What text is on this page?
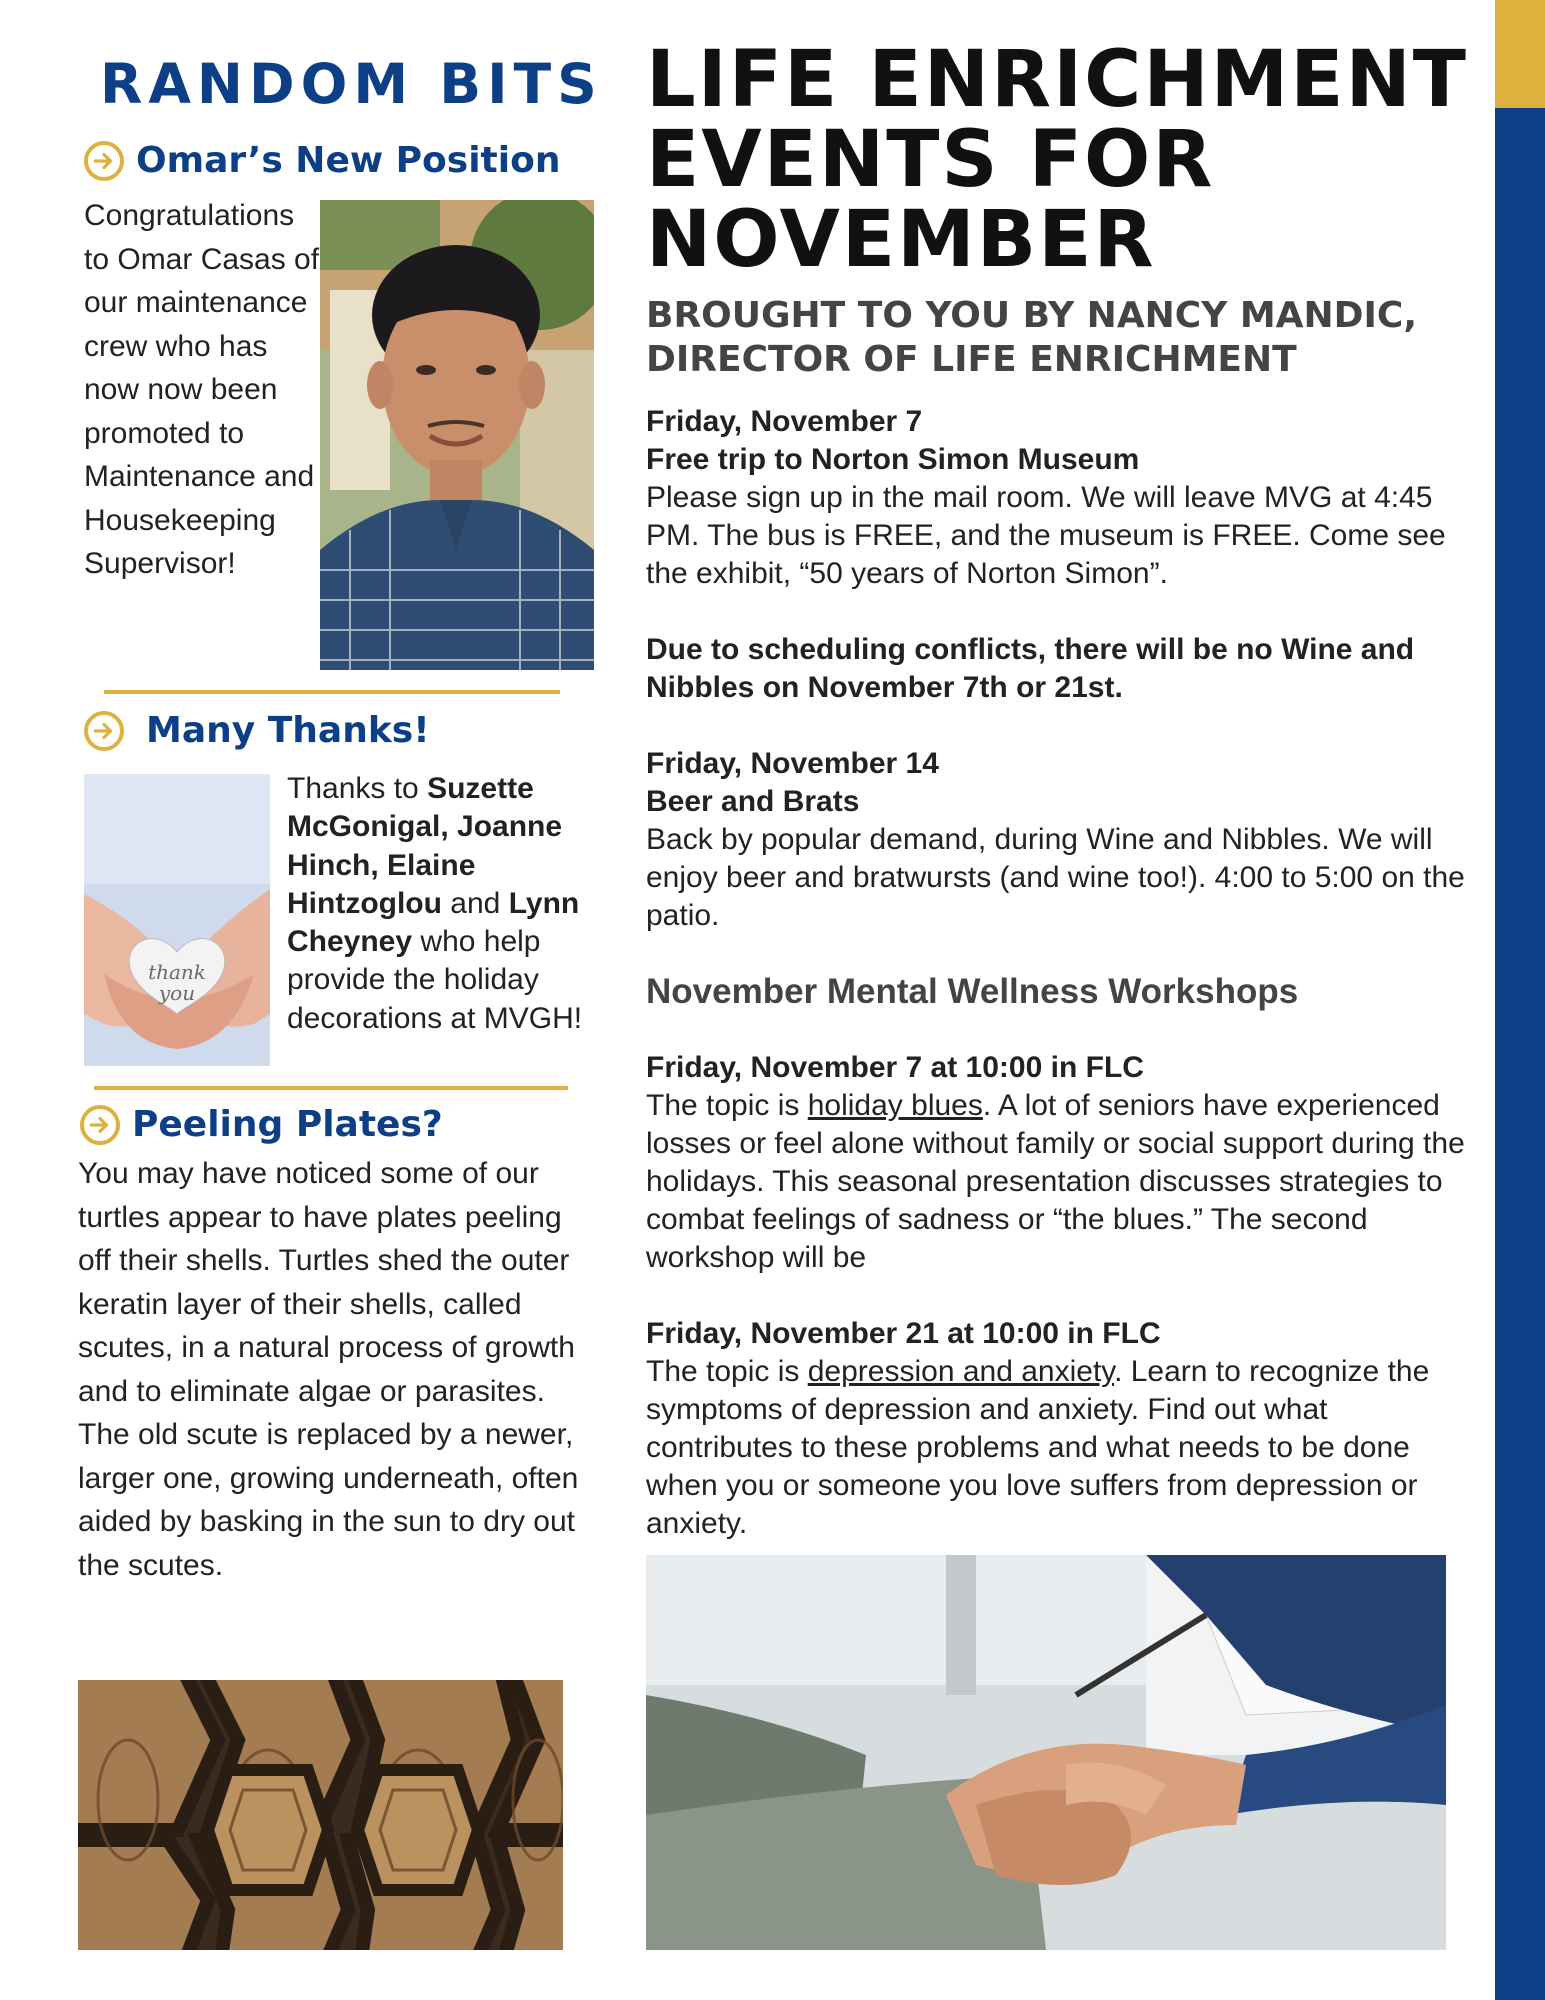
RANDOM BITS
Omar’s New Position
Congratulations to Omar Casas of our maintenance crew who has now now been promoted to Maintenance and Housekeeping Supervisor!
Many Thanks!
thank
you
Thanks to Suzette McGonigal, Joanne Hinch, Elaine Hintzoglou and Lynn Cheyney who help provide the holiday decorations at MVGH!
Peeling Plates?
You may have noticed some of our turtles appear to have plates peeling off their shells. Turtles shed the outer keratin layer of their shells, called scutes, in a natural process of growth and to eliminate algae or parasites. The old scute is replaced by a newer, larger one, growing underneath, often aided by basking in the sun to dry out the scutes.
LIFE ENRICHMENT EVENTS FOR NOVEMBER
BROUGHT TO YOU BY NANCY MANDIC, DIRECTOR OF LIFE ENRICHMENT

Friday, November 7

Free trip to Norton Simon Museum

Please sign up in the mail room. We will leave MVG at 4:45 PM. The bus is FREE, and the museum is FREE. Come see the exhibit, “50 years of Norton Simon”.

Due to scheduling conflicts, there will be no Wine and Nibbles on November 7th or 21st.

Friday, November 14

Beer and Brats

Back by popular demand, during Wine and Nibbles. We will enjoy beer and bratwursts (and wine too!). 4:00 to 5:00 on the patio.

November Mental Wellness Workshops

Friday, November 7 at 10:00 in FLC

The topic is holiday blues. A lot of seniors have experienced losses or feel alone without family or social support during the holidays. This seasonal presentation discusses strategies to combat feelings of sadness or “the blues.” The second workshop will be

Friday, November 21 at 10:00 in FLC

The topic is depression and anxiety. Learn to recognize the symptoms of depression and anxiety. Find out what contributes to these problems and what needs to be done when you or someone you love suffers from depression or anxiety.
